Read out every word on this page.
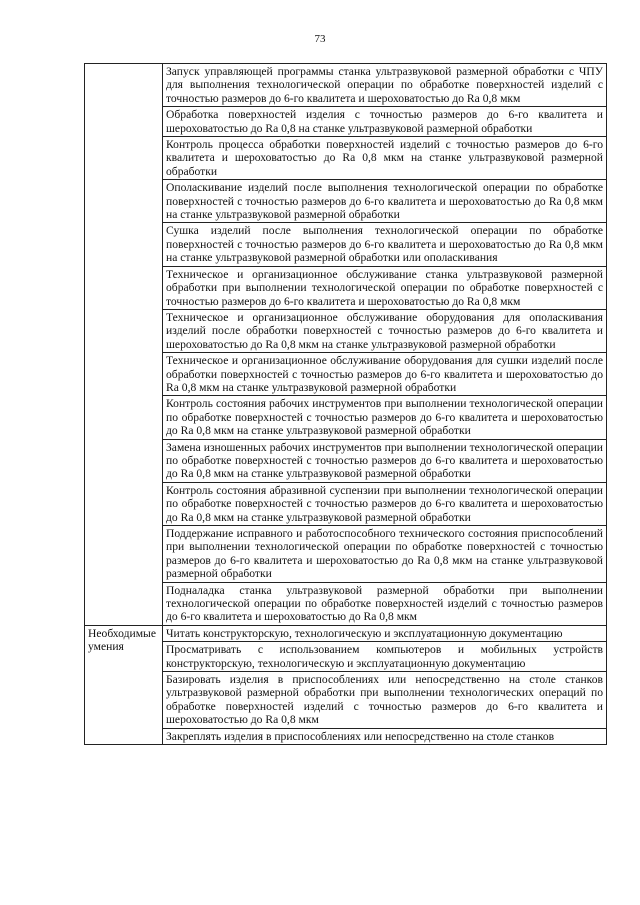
73
	Запуск управляющей программы станка ультразвуковой размерной обработки с ЧПУ для выполнения технологической операции по обработке поверхностей изделий с точностью размеров до 6-го квалитета и шероховатостью до Ra 0,8 мкм
	Обработка поверхностей изделия с точностью размеров до 6-го квалитета и шероховатостью до Ra 0,8 на станке ультразвуковой размерной обработки
	Контроль процесса обработки поверхностей изделий с точностью размеров до 6-го квалитета и шероховатостью до Ra 0,8 мкм на станке ультразвуковой размерной обработки
	Ополаскивание изделий после выполнения технологической операции по обработке поверхностей с точностью размеров до 6-го квалитета и шероховатостью до Ra 0,8 мкм на станке ультразвуковой размерной обработки
	Сушка изделий после выполнения технологической операции по обработке поверхностей с точностью размеров до 6-го квалитета и шероховатостью до Ra 0,8 мкм на станке ультразвуковой размерной обработки или ополаскивания
	Техническое и организационное обслуживание станка ультразвуковой размерной обработки при выполнении технологической операции по обработке поверхностей с точностью размеров до 6-го квалитета и шероховатостью до Ra 0,8 мкм
	Техническое и организационное обслуживание оборудования для ополаскивания изделий после обработки поверхностей с точностью размеров до 6-го квалитета и шероховатостью до Ra 0,8 мкм на станке ультразвуковой размерной обработки
	Техническое и организационное обслуживание оборудования для сушки изделий после обработки поверхностей с точностью размеров до 6-го квалитета и шероховатостью до Ra 0,8 мкм на станке ультразвуковой размерной обработки
	Контроль состояния рабочих инструментов при выполнении технологической операции по обработке поверхностей с точностью размеров до 6-го квалитета и шероховатостью до Ra 0,8 мкм на станке ультразвуковой размерной обработки
	Замена изношенных рабочих инструментов при выполнении технологической операции по обработке поверхностей с точностью размеров до 6-го квалитета и шероховатостью до Ra 0,8 мкм на станке ультразвуковой размерной обработки
	Контроль состояния абразивной суспензии при выполнении технологической операции по обработке поверхностей с точностью размеров до 6-го квалитета и шероховатостью до Ra 0,8 мкм на станке ультразвуковой размерной обработки
	Поддержание исправного и работоспособного технического состояния приспособлений при выполнении технологической операции по обработке поверхностей с точностью размеров до 6-го квалитета и шероховатостью до Ra 0,8 мкм на станке ультразвуковой размерной обработки
	Подналадка станка ультразвуковой размерной обработки при выполнении технологической операции по обработке поверхностей изделий с точностью размеров до 6-го квалитета и шероховатостью до Ra 0,8 мкм
Необходимые умения	Читать конструкторскую, технологическую и эксплуатационную документацию
	Просматривать с использованием компьютеров и мобильных устройств конструкторскую, технологическую и эксплуатационную документацию
	Базировать изделия в приспособлениях или непосредственно на столе станков ультразвуковой размерной обработки при выполнении технологических операций по обработке поверхностей изделий с точностью размеров до 6-го квалитета и шероховатостью до Ra 0,8 мкм
	Закреплять изделия в приспособлениях или непосредственно на столе станков
